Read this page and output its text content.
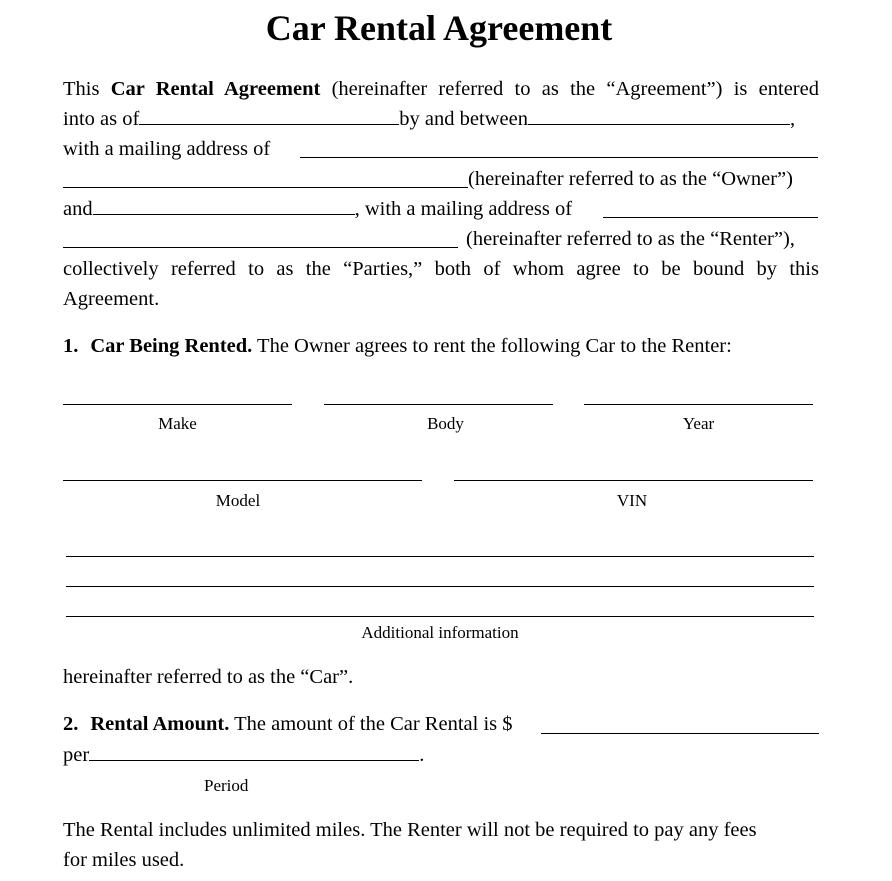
Car Rental Agreement
This Car Rental Agreement (hereinafter referred to as the “Agreement”) is entered
into as of	by and between	,
with a mailing address of
(hereinafter referred to as the “Owner”)
and	, with a mailing address of
(hereinafter referred to as the “Renter”),
collectively referred to as the “Parties,” both of whom agree to be bound by this
Agreement.
1. Car Being Rented. The Owner agrees to rent the following Car to the Renter:
Make	Body	Year
Model	VIN
Additional information
hereinafter referred to as the “Car”.
2. Rental Amount. The amount of the Car Rental is $
per	.
Period
The Rental includes unlimited miles. The Renter will not be required to pay any fees
for miles used.
